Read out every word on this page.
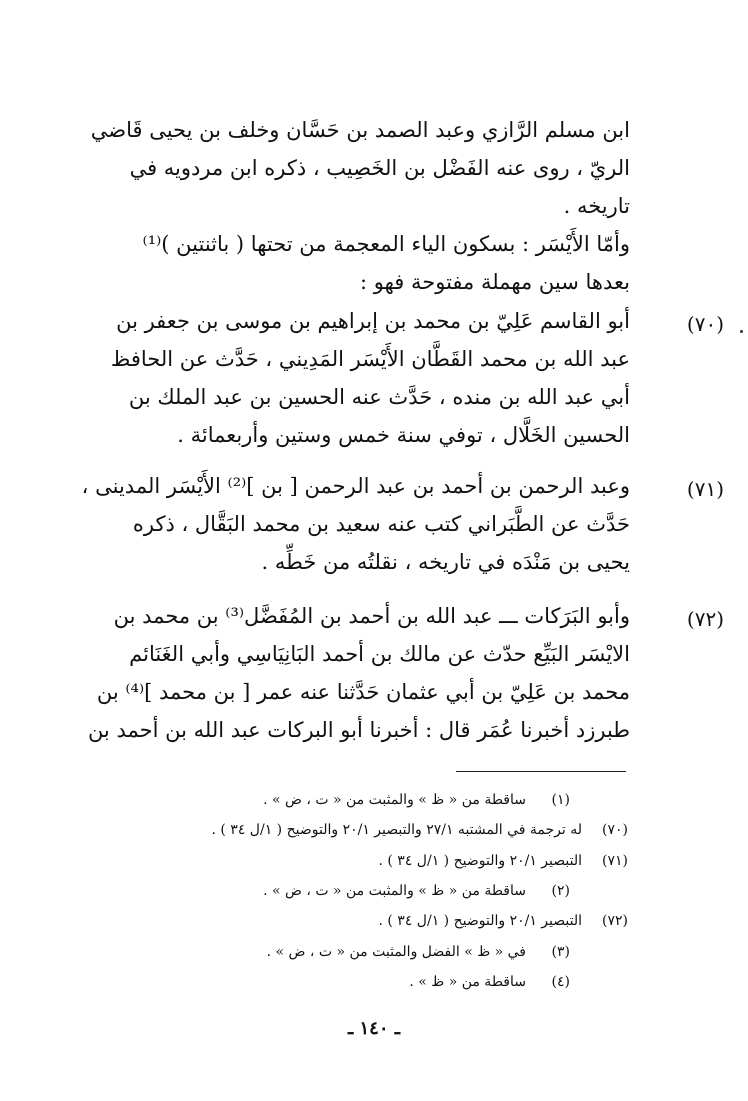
ابن مسلم الرَّازي وعبد الصمد بن حَسَّان وخلف بن يحيى قَاضي
الريّ ، روى عنه الفَضْل بن الخَصِيب ، ذكره ابن مردويه في
تاريخه .
وأمّا الأَيْسَر : بسكون الياء المعجمة من تحتها ( باثنتين )⁽¹⁾
بعدها سين مهملة مفتوحة فهو :
(٧٠)
أبو القاسم عَلِيّ بن محمد بن إبراهيم بن موسى بن جعفر بن
عبد الله بن محمد القَطَّان الأَيْسَر المَدِيني ، حَدَّث عن الحافظ
أبي عبد الله بن منده ، حَدَّث عنه الحسين بن عبد الملك بن
الحسين الخَلَّال ، توفي سنة خمس وستين وأربعمائة .
(٧١)
وعبد الرحمن بن أحمد بن عبد الرحمن [ بن ]⁽²⁾ الأَيْسَر المدينى ،
حَدَّث عن الطَّبَراني كتب عنه سعيد بن محمد البَقَّال ، ذكره
يحيى بن مَنْدَه في تاريخه ، نقلتُه من خَطِّه .
(٧٢)
وأبو البَرَكات ـــ عبد الله بن أحمد بن المُفَضَّل⁽³⁾ بن محمد بن
الايْسَر البَيِّع حدّث عن مالك بن أحمد البَانِيَاسِي وأبي الغَنَائم
محمد بن عَلِيّ بن أبي عثمان حَدَّثنا عنه عمر [ بن محمد ]⁽⁴⁾ بن
طبرزد أخبرنا عُمَر قال : أخبرنا أبو البركات عبد الله بن أحمد بن
(١)
ساقطة من « ظ » والمثبت من « ت ، ض » .
(٧٠)
له ترجمة في المشتبه ٢٧/١ والتبصير ٢٠/١ والتوضيح ( ١/ل ٣٤ ) .
(٧١)
التبصير ٢٠/١ والتوضيح ( ١/ل ٣٤ ) .
(٢)
ساقطة من « ظ » والمثبت من « ت ، ض » .
(٧٢)
التبصير ٢٠/١ والتوضيح ( ١/ل ٣٤ ) .
(٣)
في « ظ » الفضل والمثبت من « ت ، ض » .
(٤)
ساقطة من « ظ » .
ـ ١٤٠ ـ
